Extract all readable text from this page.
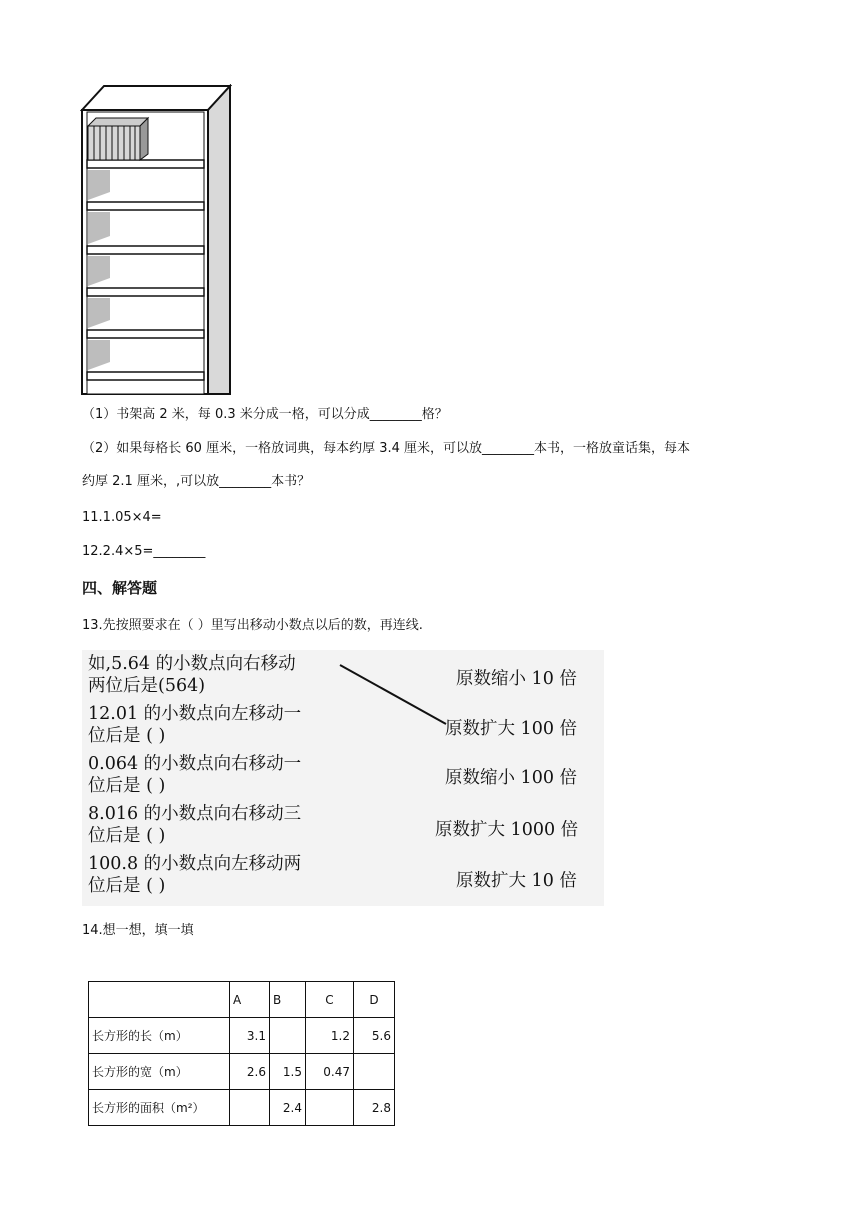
（1）书架高 2 米，每 0.3 米分成一格，可以分成________格？
（2）如果每格长 60 厘米，一格放词典，每本约厚 3.4 厘米，可以放________本书，一格放童话集，每本
约厚 2.1 厘米，,可以放________本书？
11.1.05×4=
12.2.4×5=________
四、解答题
13.先按照要求在（ ）里写出移动小数点以后的数，再连线.
如,5.64 的小数点向右移动
两位后是(564)
12.01 的小数点向左移动一
位后是 ( )
0.064 的小数点向右移动一
位后是 ( )
8.016 的小数点向右移动三
位后是 ( )
100.8 的小数点向左移动两
位后是 ( )
原数缩小 10 倍
原数扩大 100 倍
原数缩小 100 倍
原数扩大 1000 倍
原数扩大 10 倍
14.想一想，填一填
	A	B	C	D
长方形的长（m）	3.1		1.2	5.6
长方形的宽（m）	2.6	1.5	0.47	
长方形的面积（m²）		2.4		2.8
